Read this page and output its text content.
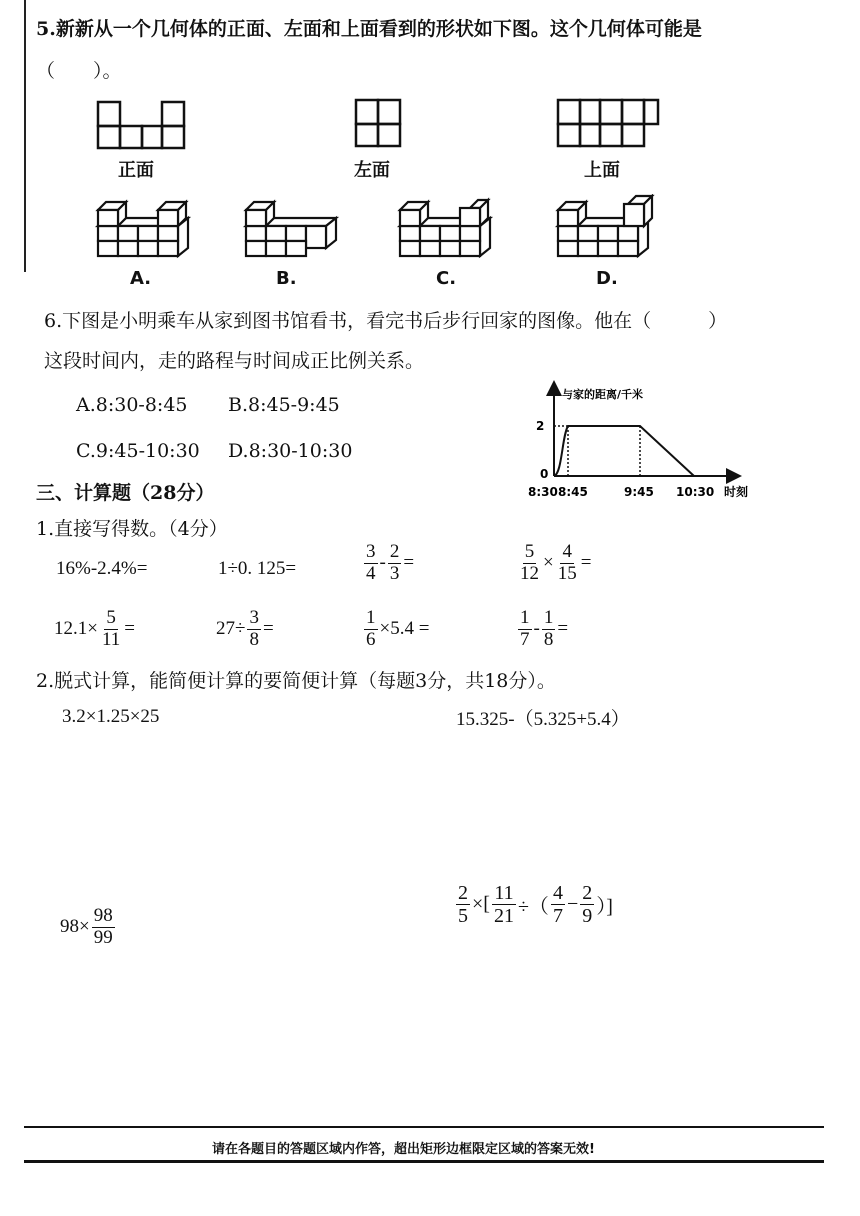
5.新新从一个几何体的正面、左面和上面看到的形状如下图。这个几何体可能是
（　　）。
正面	左面	上面
A.	B.	C.	D.
6.下图是小明乘车从家到图书馆看书，看完书后步行回家的图像。他在（　　　）
这段时间内，走的路程与时间成正比例关系。
A.8:30-8:45 B.8:45-9:45
C.9:45-10:30 D.8:30-10:30
与家的距离/千米
2
0
8:30 8:45	9:45 10:30 时刻
三、计算题（28分）
1.直接写得数。（4分）
16%-2.4%=	1÷0. 125=	$\frac{3}{4} - \frac{2}{3}$ =	$\frac{5}{12} \times \frac{4}{15}$ =
$12.1\times \frac{5}{11}$ =	$27\div \frac{3}{8}$ =	$\frac{1}{6} \times 5.4$ =	$\frac{1}{7} - \frac{1}{8}$ =
2.脱式计算，能简便计算的要简便计算（每题3分，共18分）。
3.2×1.25×25	15.325-（5.325+5.4）
$98\times \frac{98}{99}$
$\frac{2}{5}$ ×[ $\frac{11}{21}$ ÷（ $\frac{4}{7} - \frac{2}{9}$ ）]
请在各题目的答题区域内作答，超出矩形边框限定区域的答案无效!
